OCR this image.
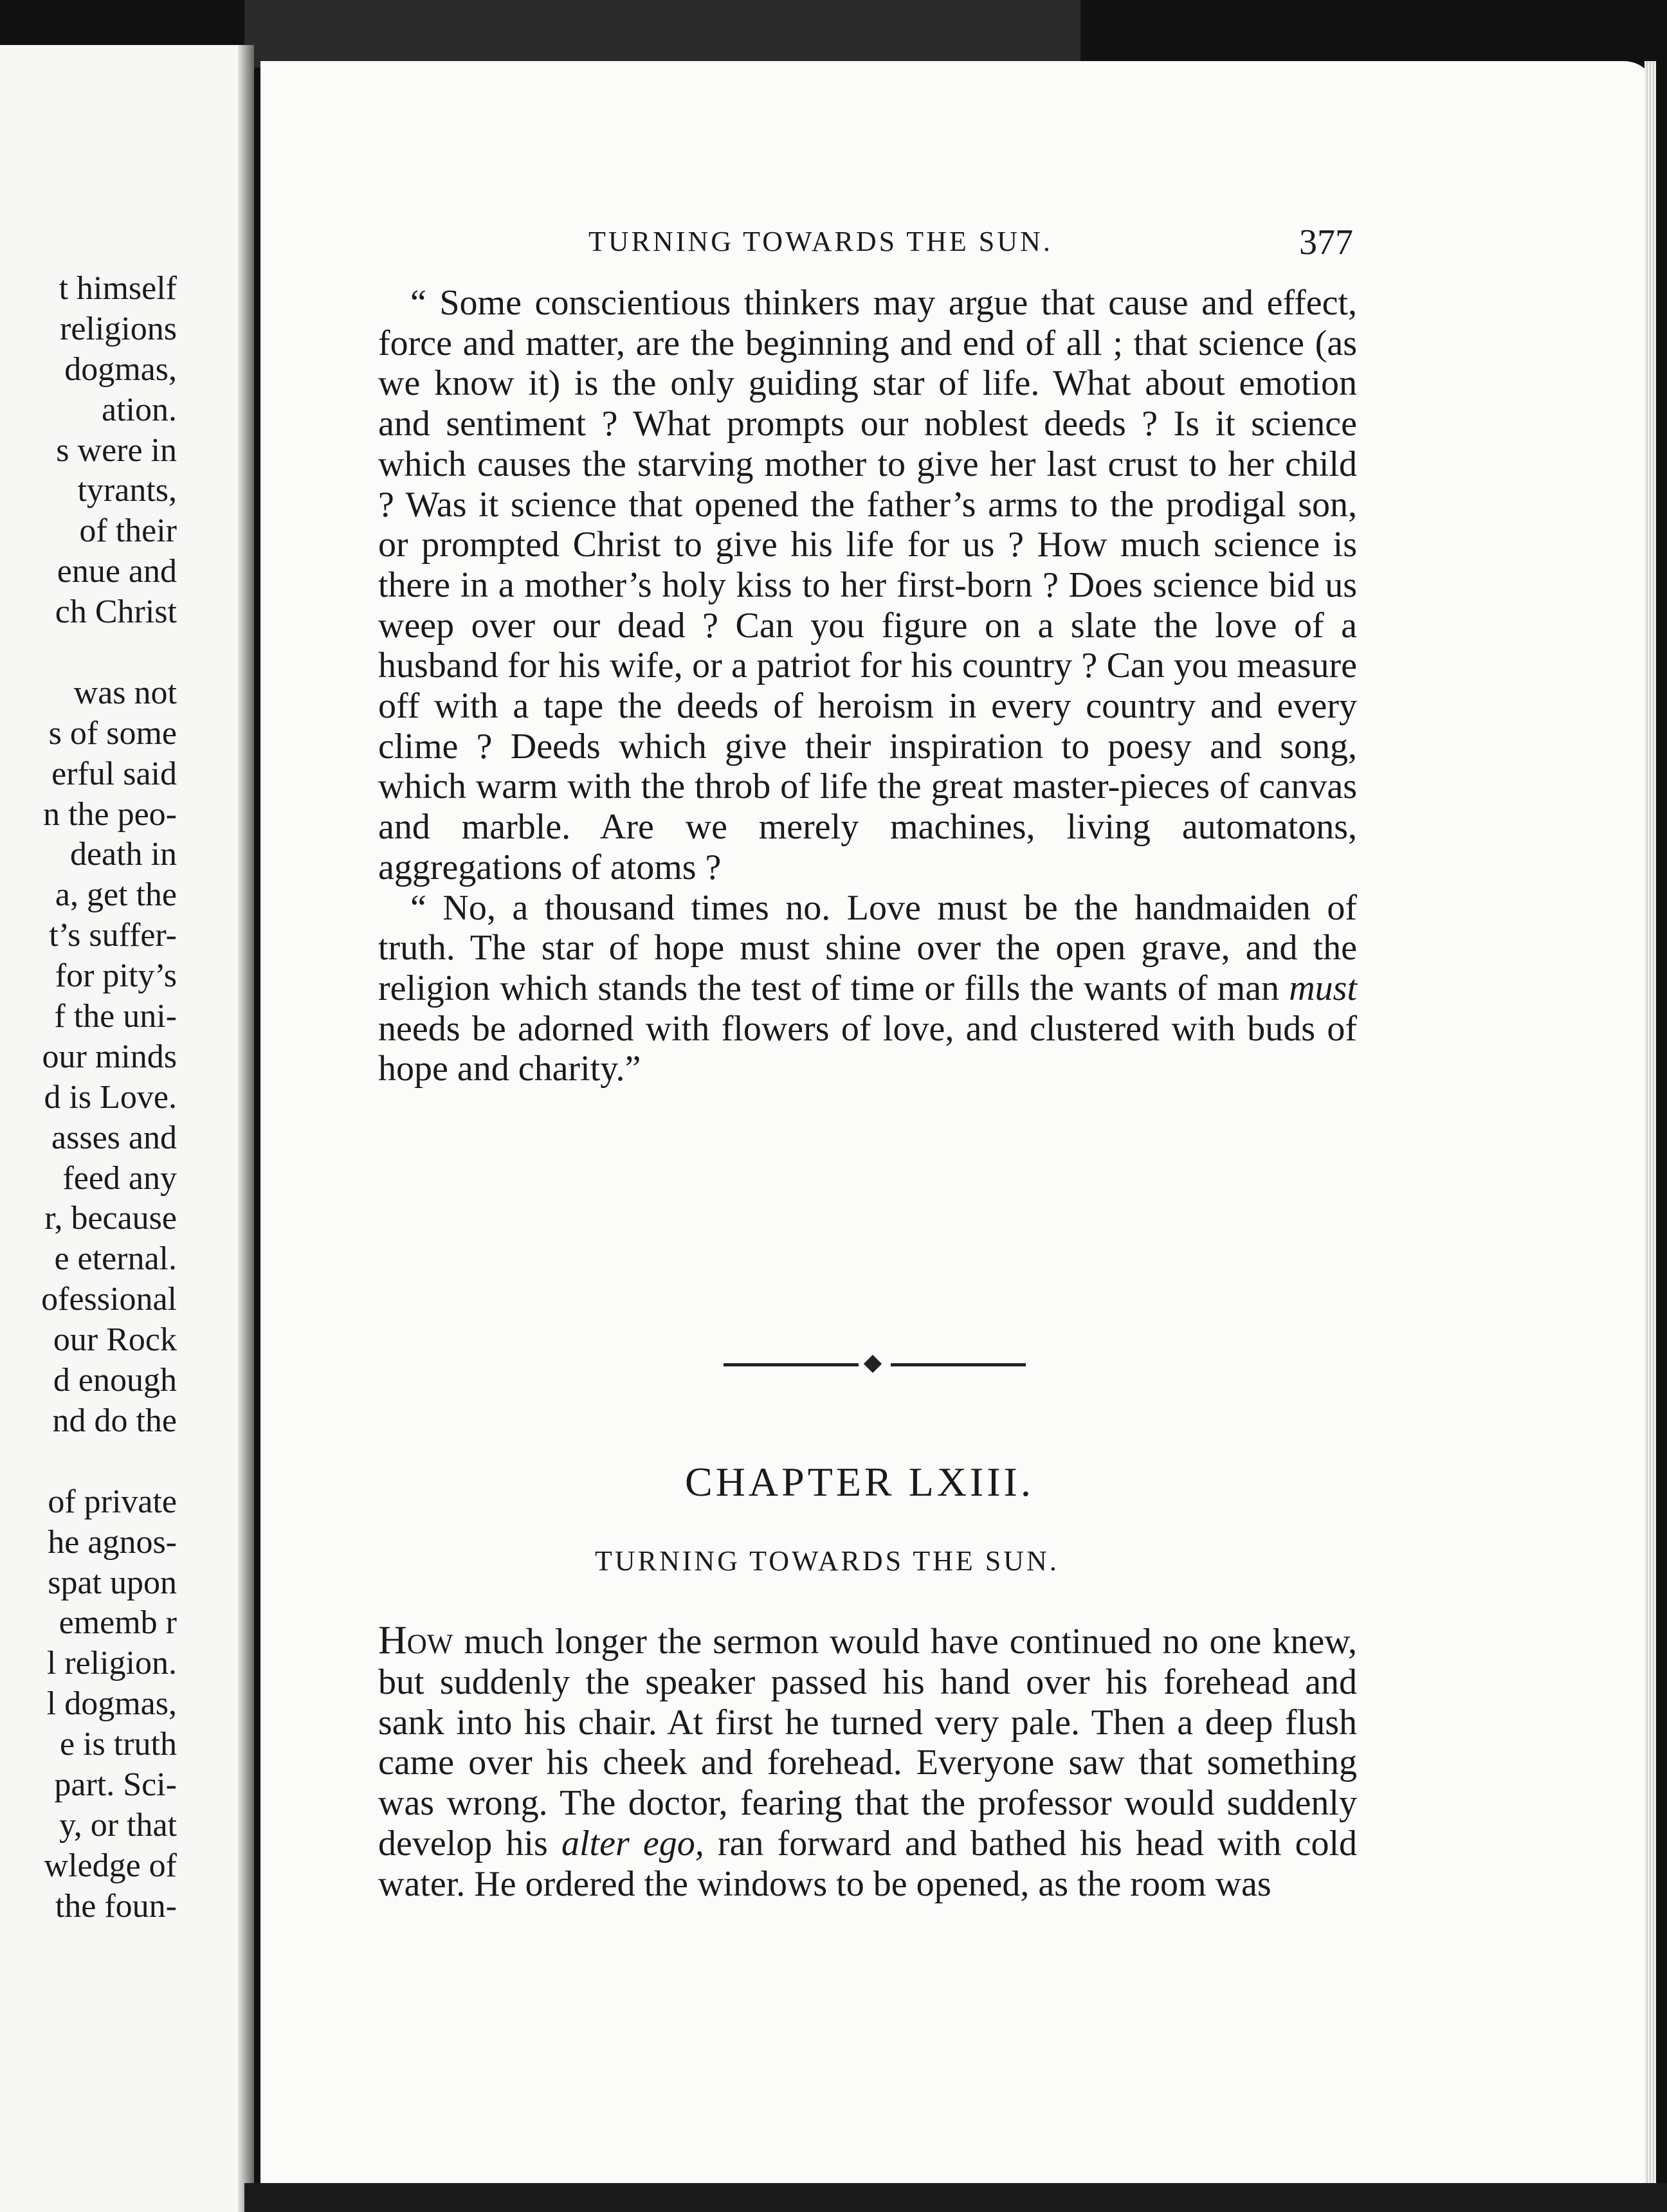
t himself
religions
dogmas,
ation.
s were in
tyrants,
of their
enue and
ch Christ
was not
s of some
erful said
n the peo-
death in
a, get the
t’s suffer-
for pity’s
f the uni-
our minds
d is Love.
asses and
feed any
r, because
e eternal.
ofessional
our Rock
d enough
nd do the
of private
he agnos-
spat upon
ememb r
l religion.
l dogmas,
e is truth
part. Sci-
y, or that
wledge of
the foun-
TURNING TOWARDS THE SUN.	377

“ Some conscientious thinkers may argue that cause and effect, force and matter, are the beginning and end of all ; that science (as we know it) is the only guiding star of life. What about emotion and sentiment ? What prompts our noblest deeds ? Is it science which causes the starving mother to give her last crust to her child ? Was it science that opened the father’s arms to the prodigal son, or prompted Christ to give his life for us ? How much science is there in a mother’s holy kiss to her first-born ? Does science bid us weep over our dead ? Can you figure on a slate the love of a husband for his wife, or a patriot for his country ? Can you measure off with a tape the deeds of heroism in every country and every clime ? Deeds which give their inspiration to poesy and song, which warm with the throb of life the great master-pieces of canvas and marble. Are we merely machines, living automatons, aggregations of atoms ?

“ No, a thousand times no. Love must be the handmaiden of truth. The star of hope must shine over the open grave, and the religion which stands the test of time or fills the wants of man must needs be adorned with flowers of love, and clustered with buds of hope and charity.”

CHAPTER LXIII.
TURNING TOWARDS THE SUN.

How much longer the sermon would have continued no one knew, but suddenly the speaker passed his hand over his forehead and sank into his chair. At first he turned very pale. Then a deep flush came over his cheek and forehead. Everyone saw that something was wrong. The doctor, fearing that the professor would suddenly develop his alter ego, ran forward and bathed his head with cold water. He ordered the windows to be opened, as the room was
